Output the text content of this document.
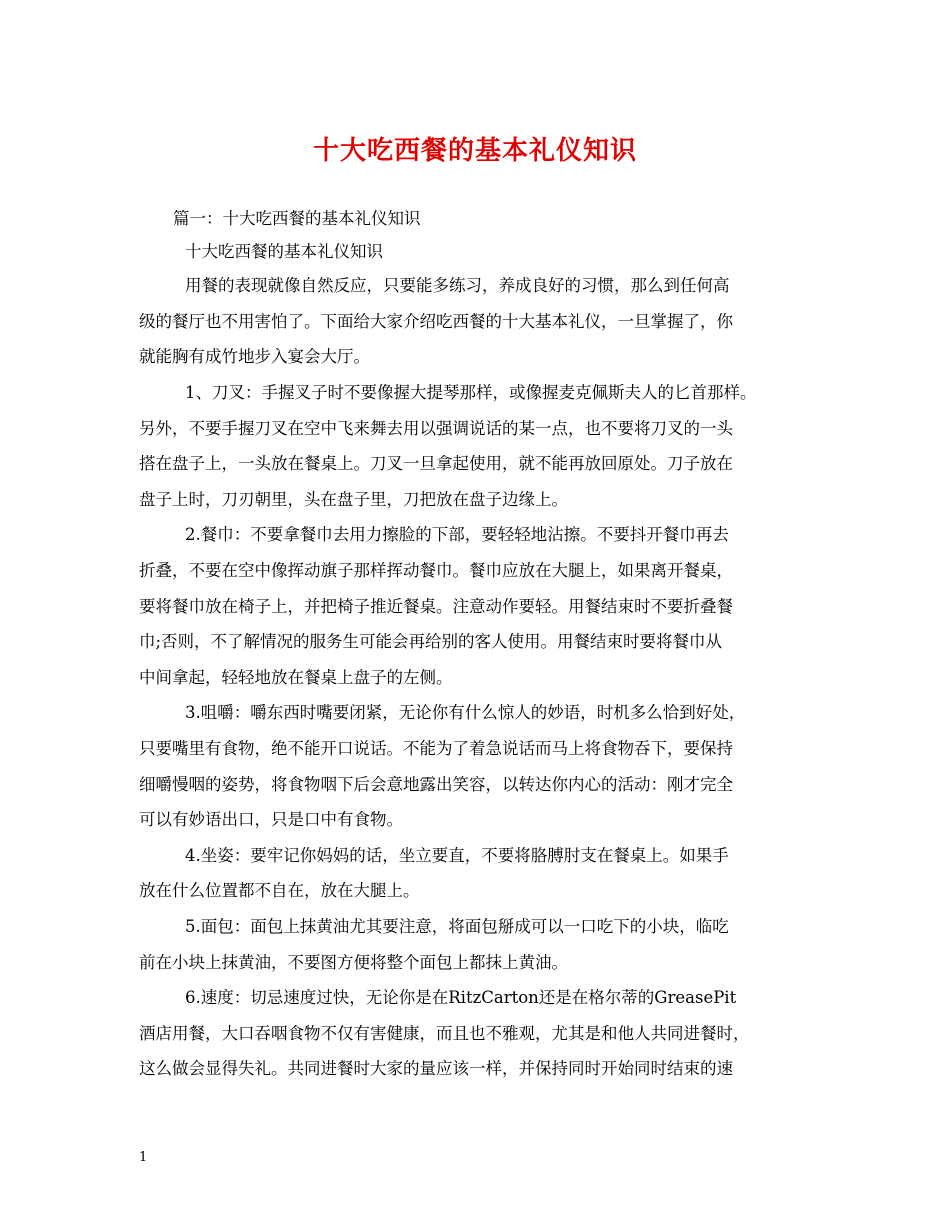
十大吃西餐的基本礼仪知识
篇一：十大吃西餐的基本礼仪知识
十大吃西餐的基本礼仪知识
用餐的表现就像自然反应，只要能多练习，养成良好的习惯，那么到任何高
级的餐厅也不用害怕了。下面给大家介绍吃西餐的十大基本礼仪，一旦掌握了，你
就能胸有成竹地步入宴会大厅。
1、刀叉：手握叉子时不要像握大提琴那样，或像握麦克佩斯夫人的匕首那样。
另外，不要手握刀叉在空中飞来舞去用以强调说话的某一点，也不要将刀叉的一头
搭在盘子上，一头放在餐桌上。刀叉一旦拿起使用，就不能再放回原处。刀子放在
盘子上时，刀刃朝里，头在盘子里，刀把放在盘子边缘上。
2.餐巾：不要拿餐巾去用力擦脸的下部，要轻轻地沾擦。不要抖开餐巾再去
折叠，不要在空中像挥动旗子那样挥动餐巾。餐巾应放在大腿上，如果离开餐桌，
要将餐巾放在椅子上，并把椅子推近餐桌。注意动作要轻。用餐结束时不要折叠餐
巾;否则，不了解情况的服务生可能会再给别的客人使用。用餐结束时要将餐巾从
中间拿起，轻轻地放在餐桌上盘子的左侧。
3.咀嚼：嚼东西时嘴要闭紧，无论你有什么惊人的妙语，时机多么恰到好处，
只要嘴里有食物，绝不能开口说话。不能为了着急说话而马上将食物吞下，要保持
细嚼慢咽的姿势，将食物咽下后会意地露出笑容，以转达你内心的活动：刚才完全
可以有妙语出口，只是口中有食物。
4.坐姿：要牢记你妈妈的话，坐立要直，不要将胳膊肘支在餐桌上。如果手
放在什么位置都不自在，放在大腿上。
5.面包：面包上抹黄油尤其要注意，将面包掰成可以一口吃下的小块，临吃
前在小块上抹黄油，不要图方便将整个面包上都抹上黄油。
6.速度：切忌速度过快，无论你是在RitzCarton还是在格尔蒂的GreasePit
酒店用餐，大口吞咽食物不仅有害健康，而且也不雅观，尤其是和他人共同进餐时，
这么做会显得失礼。共同进餐时大家的量应该一样，并保持同时开始同时结束的速
1
